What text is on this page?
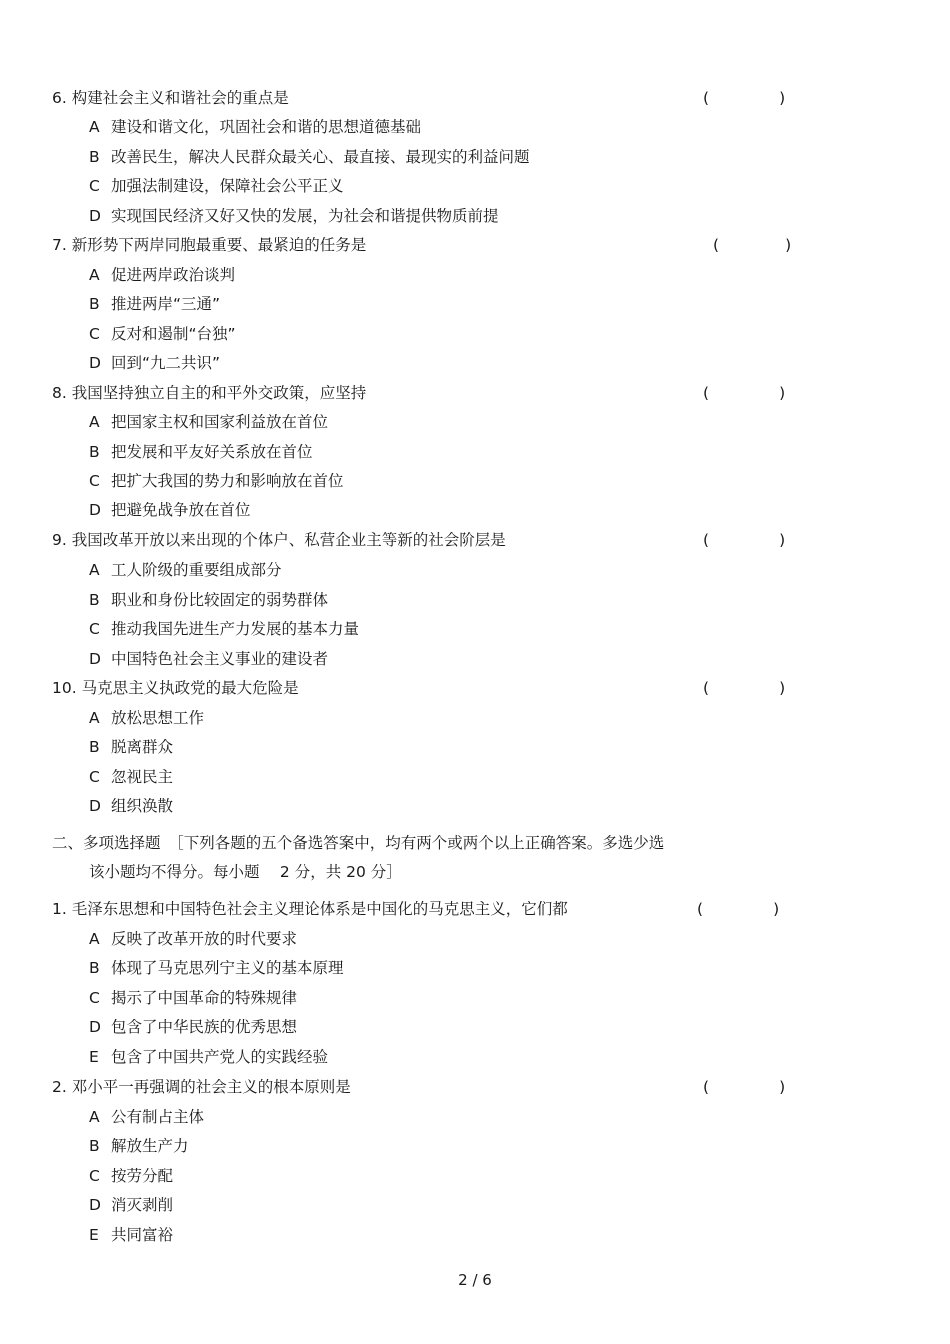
6. 构建社会主义和谐社会的重点是	(	)
A 建设和谐文化，巩固社会和谐的思想道德基础
B 改善民生，解决人民群众最关心、最直接、最现实的利益问题
C 加强法制建设，保障社会公平正义
D 实现国民经济又好又快的发展，为社会和谐提供物质前提
7. 新形势下两岸同胞最重要、最紧迫的任务是	(	)
A 促进两岸政治谈判
B 推进两岸“三通”
C 反对和遏制“台独”
D 回到“九二共识”
8. 我国坚持独立自主的和平外交政策，应坚持	(	)
A 把国家主权和国家利益放在首位
B 把发展和平友好关系放在首位
C 把扩大我国的势力和影响放在首位
D 把避免战争放在首位
9. 我国改革开放以来出现的个体户、私营企业主等新的社会阶层是	(	)
A 工人阶级的重要组成部分
B 职业和身份比较固定的弱势群体
C 推动我国先进生产力发展的基本力量
D 中国特色社会主义事业的建设者
10. 马克思主义执政党的最大危险是	(	)
A 放松思想工作
B 脱离群众
C 忽视民主
D 组织涣散
二、多项选择题　［下列各题的五个备选答案中，均有两个或两个以上正确答案。多选少选
该小题均不得分。每小题　 2 分，共 20 分］
1. 毛泽东思想和中国特色社会主义理论体系是中国化的马克思主义，它们都	(	)
A 反映了改革开放的时代要求
B 体现了马克思列宁主义的基本原理
C 揭示了中国革命的特殊规律
D 包含了中华民族的优秀思想
E 包含了中国共产党人的实践经验
2. 邓小平一再强调的社会主义的根本原则是	(	)
A 公有制占主体
B 解放生产力
C 按劳分配
D 消灭剥削
E 共同富裕
2 / 6
